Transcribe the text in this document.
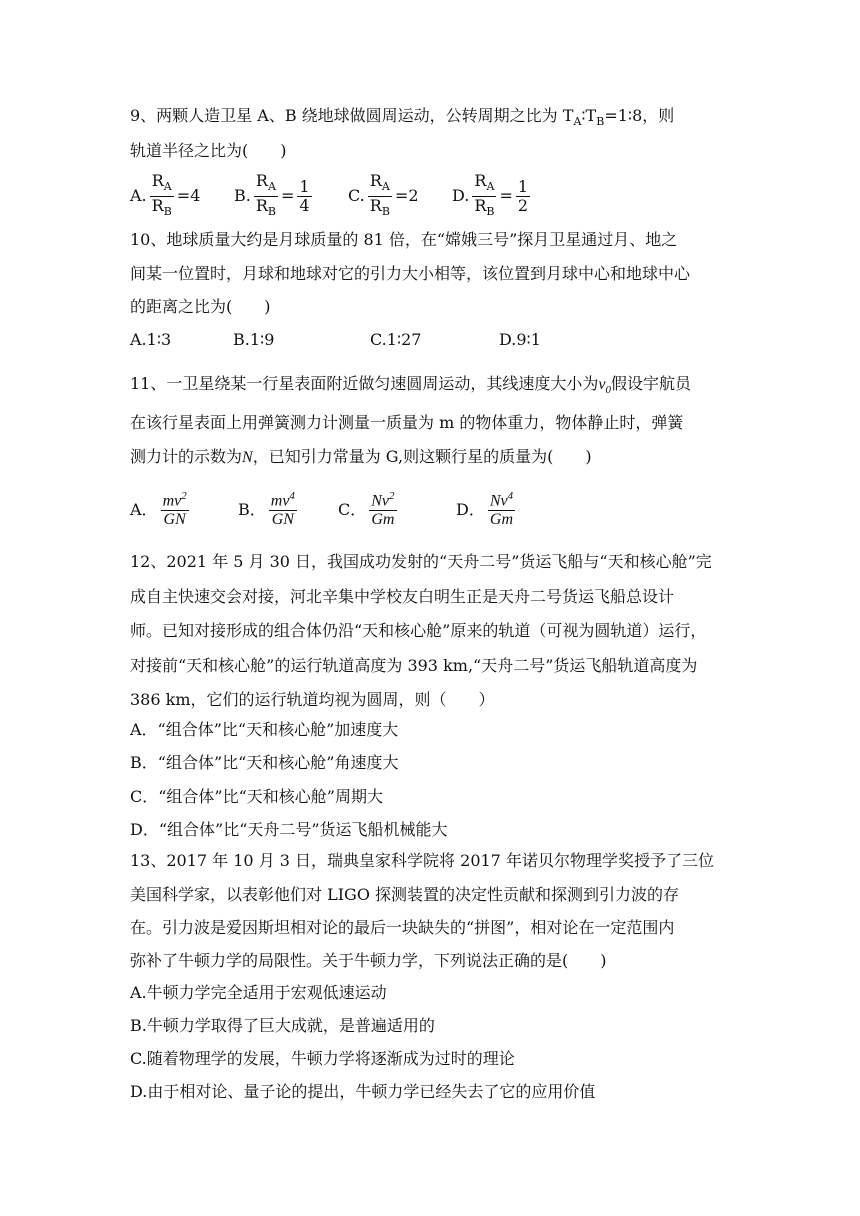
9、两颗人造卫星 A、B 绕地球做圆周运动，公转周期之比为 $T_A∶T_B=1∶8$，则
轨道半径之比为(　　)
A. $\frac{R_A}{R_B} =4$ B. $\frac{R_A}{R_B} = \frac{1}{4} C$. $\frac{R_A}{R_B} =2$ D. $\frac{R_A}{R_B} = \frac{1}{2}$
10、地球质量大约是月球质量的 81 倍，在“嫦娥三号”探月卫星通过月、地之
间某一位置时，月球和地球对它的引力大小相等，该位置到月球中心和地球中心
的距离之比为(　　)
A.1∶3	B.1∶9	C.1∶27	D.9∶1
11、一卫星绕某一行星表面附近做匀速圆周运动，其线速度大小为$v_0$假设宇航员
在该行星表面上用弹簧测力计测量一质量为 m 的物体重力，物体静止时，弹簧
测力计的示数为N，已知引力常量为 G,则这颗行星的质量为(　　)
A． $\frac{mv^2}{GN}$	B． $\frac{mv^4}{GN}$	C． $\frac{Nv^2}{Gm}$	D． $\frac{Nv^4}{Gm}$
12、2021 年 5 月 30 日，我国成功发射的“天舟二号”货运飞船与“天和核心舱”完
成自主快速交会对接，河北辛集中学校友白明生正是天舟二号货运飞船总设计
师。已知对接形成的组合体仍沿“天和核心舱”原来的轨道（可视为圆轨道）运行，
对接前“天和核心舱”的运行轨道高度为 393 km,“天舟二号”货运飞船轨道高度为
386 km，它们的运行轨道均视为圆周，则（　　）
A．“组合体”比“天和核心舱”加速度大
B．“组合体”比“天和核心舱”角速度大
C．“组合体”比“天和核心舱”周期大
D．“组合体”比“天舟二号”货运飞船机械能大
13、2017 年 10 月 3 日，瑞典皇家科学院将 2017 年诺贝尔物理学奖授予了三位
美国科学家，以表彰他们对 LIGO 探测装置的决定性贡献和探测到引力波的存
在。引力波是爱因斯坦相对论的最后一块缺失的“拼图”，相对论在一定范围内
弥补了牛顿力学的局限性。关于牛顿力学，下列说法正确的是(　　)
A.牛顿力学完全适用于宏观低速运动
B.牛顿力学取得了巨大成就，是普遍适用的
C.随着物理学的发展，牛顿力学将逐渐成为过时的理论
D.由于相对论、量子论的提出，牛顿力学已经失去了它的应用价值
